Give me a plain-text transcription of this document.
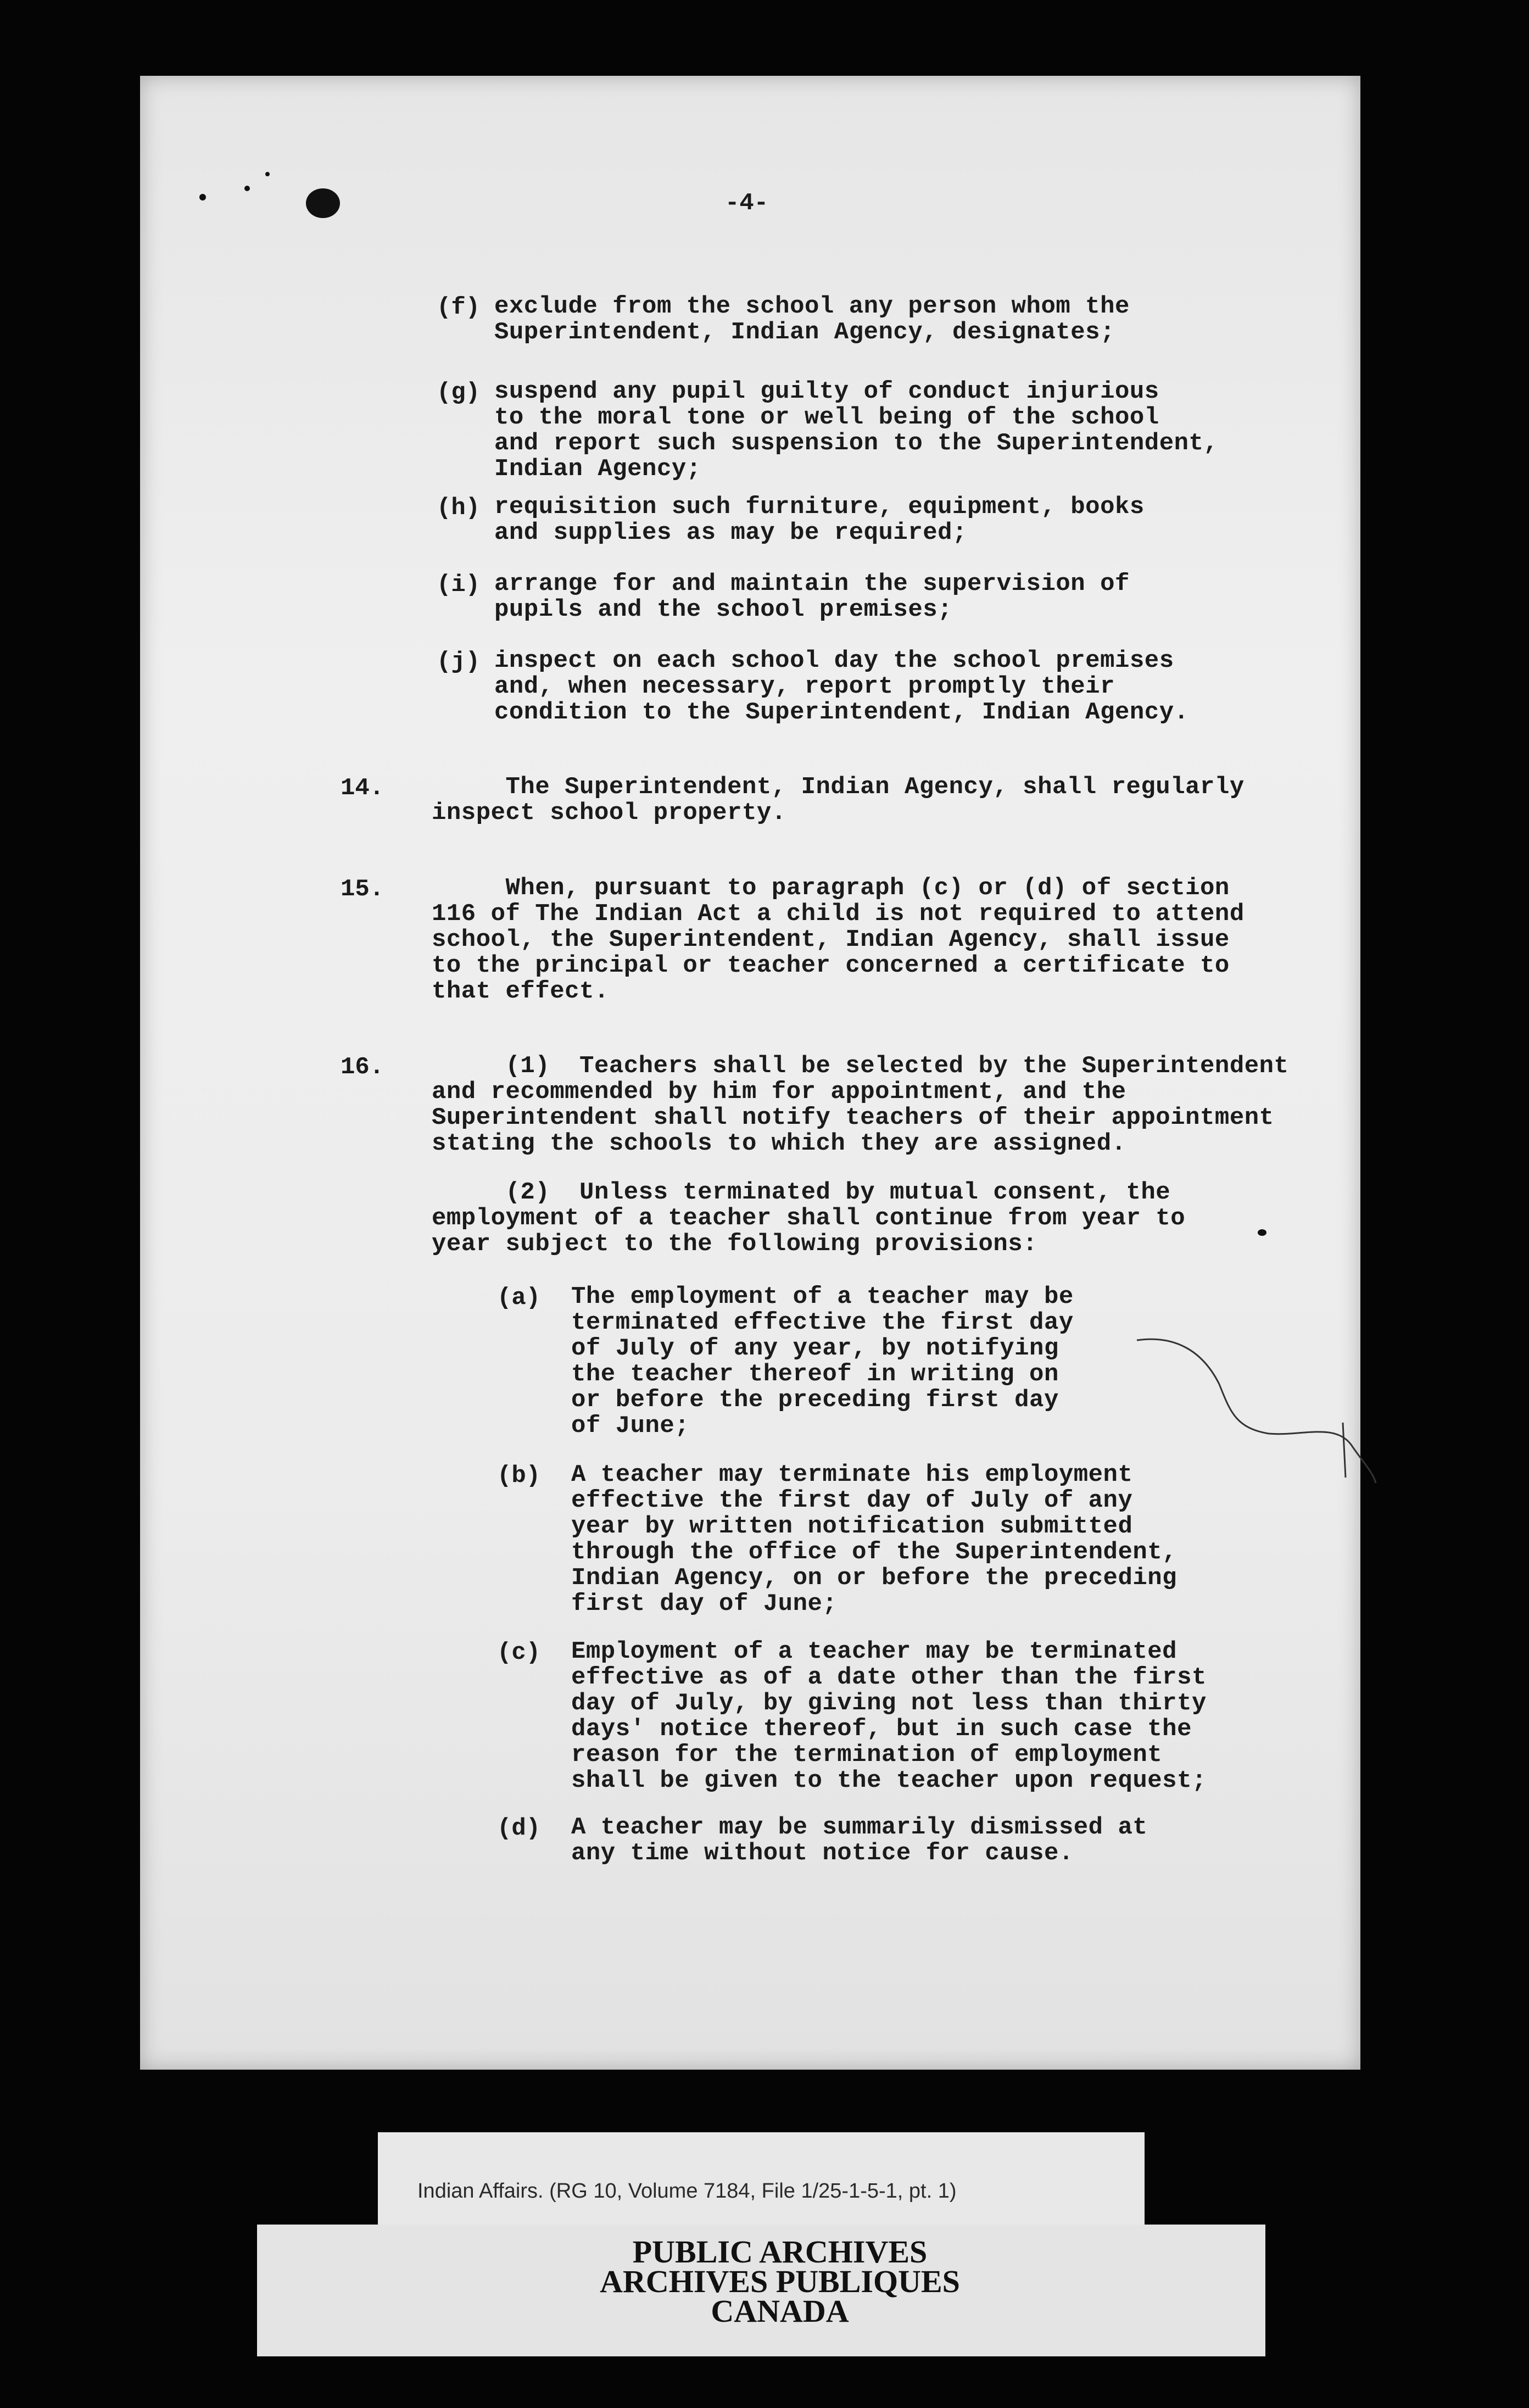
-4-
14. The Superintendent, Indian Agency, shall regularly
inspect school property.
15. When, pursuant to paragraph (c) or (d) of section
116 of The Indian Act a child is not required to attend
school, the Superintendent, Indian Agency, shall issue
to the principal or teacher concerned a certificate to
that effect.
16. (1)  Teachers shall be selected by the Superintendent
and recommended by him for appointment, and the
Superintendent shall notify teachers of their appointment
stating the schools to which they are assigned.
(2)  Unless terminated by mutual consent, the
employment of a teacher shall continue from year to
year subject to the following provisions:
Indian Affairs. (RG 10, Volume 7184, File 1/25-1-5-1, pt. 1)
PUBLIC ARCHIVES
ARCHIVES PUBLIQUES
CANADA
(f) exclude from the school any person whom the
Superintendent, Indian Agency, designates;
(g) suspend any pupil guilty of conduct injurious
to the moral tone or well being of the school
and report such suspension to the Superintendent,
Indian Agency;
(h) requisition such furniture, equipment, books
and supplies as may be required;
(i) arrange for and maintain the supervision of
pupils and the school premises;
(j) inspect on each school day the school premises
and, when necessary, report promptly their
condition to the Superintendent, Indian Agency.
(a) The employment of a teacher may be
terminated effective the first day
of July of any year, by notifying
the teacher thereof in writing on
or before the preceding first day
of June;
(b) A teacher may terminate his employment
effective the first day of July of any
year by written notification submitted
through the office of the Superintendent,
Indian Agency, on or before the preceding
first day of June;
(c) Employment of a teacher may be terminated
effective as of a date other than the first
day of July, by giving not less than thirty
days' notice thereof, but in such case the
reason for the termination of employment
shall be given to the teacher upon request;
(d) A teacher may be summarily dismissed at
any time without notice for cause.
